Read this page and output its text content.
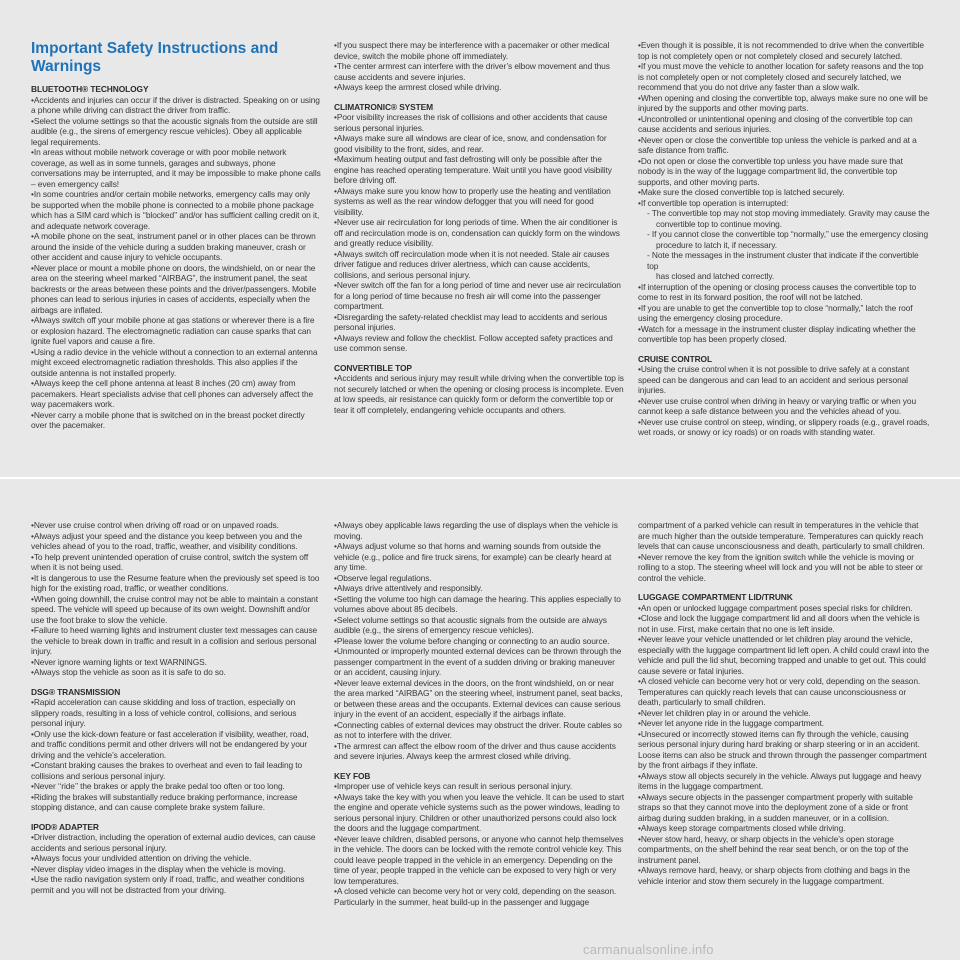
Important Safety Instructions and Warnings

BLUETOOTH® TECHNOLOGY

• Accidents and injuries can occur if the driver is distracted. Speaking on or using a phone while driving can distract the driver from traffic.

• Select the volume settings so that the acoustic signals from the outside are still audible (e.g., the sirens of emergency rescue vehicles). Obey all applicable legal requirements.

• In areas without mobile network coverage or with poor mobile network coverage, as well as in some tunnels, garages and subways, phone conversations may be interrupted, and it may be impossible to make phone calls – even emergency calls!

• In some countries and/or certain mobile networks, emergency calls may only be supported when the mobile phone is connected to a mobile phone package which has a SIM card which is ‘‘blocked’’ and/or has sufficient calling credit on it, and adequate network coverage.

• A mobile phone on the seat, instrument panel or in other places can be thrown around the inside of the vehicle during a sudden braking maneuver, crash or other accident and cause injury to vehicle occupants.

• Never place or mount a mobile phone on doors, the windshield, on or near the area on the steering wheel marked “AIRBAG”, the instrument panel, the seat backrests or the areas between these points and the driver/passengers. Mobile phones can lead to serious injuries in cases of accidents, especially when the airbags are inflated.

• Always switch off your mobile phone at gas stations or wherever there is a fire or explosion hazard. The electromagnetic radiation can cause sparks that can ignite fuel vapors and cause a fire.

• Using a radio device in the vehicle without a connection to an external antenna might exceed electromagnetic radiation thresholds. This also applies if the outside antenna is not installed properly.

• Always keep the cell phone antenna at least 8 inches (20 cm) away from pacemakers. Heart specialists advise that cell phones can adversely affect the way pacemakers work.

• Never carry a mobile phone that is switched on in the breast pocket directly over the pacemaker.

• If you suspect there may be interference with a pacemaker or other medical device, switch the mobile phone off immediately.

• The center armrest can interfere with the driver’s elbow movement and thus cause accidents and severe injuries.

• Always keep the armrest closed while driving.

CLIMATRONIC® SYSTEM

• Poor visibility increases the risk of collisions and other accidents that cause serious personal injuries.

• Always make sure all windows are clear of ice, snow, and condensation for good visibility to the front, sides, and rear.

• Maximum heating output and fast defrosting will only be possible after the engine has reached operating temperature. Wait until you have good visibility before driving off.

• Always make sure you know how to properly use the heating and ventilation systems as well as the rear window defogger that you will need for good visibility.

• Never use air recirculation for long periods of time. When the air conditioner is off and recirculation mode is on, condensation can quickly form on the windows and greatly reduce visibility.

• Always switch off recirculation mode when it is not needed. Stale air causes driver fatigue and reduces driver alertness, which can cause accidents, collisions, and serious personal injury.

• Never switch off the fan for a long period of time and never use air recirculation for a long period of time because no fresh air will come into the passenger compartment.

• Disregarding the safety-related checklist may lead to accidents and serious personal injuries.

• Always review and follow the checklist. Follow accepted safety practices and use common sense.

CONVERTIBLE TOP

• Accidents and serious injury may result while driving when the convertible top is not securely latched or when the opening or closing process is incomplete. Even at low speeds, air resistance can quickly form or deform the convertible top or tear it off completely, endangering vehicle occupants and others.

• Even though it is possible, it is not recommended to drive when the convertible top is not completely open or not completely closed and securely latched.

• If you must move the vehicle to another location for safety reasons and the top is not completely open or not completely closed and securely latched, we recommend that you do not drive any faster than a slow walk.

• When opening and closing the convertible top, always make sure no one will be injured by the supports and other moving parts.

• Uncontrolled or unintentional opening and closing of the convertible top can cause accidents and serious injuries.

• Never open or close the convertible top unless the vehicle is parked and at a safe distance from traffic.

• Do not open or close the convertible top unless you have made sure that nobody is in the way of the luggage compartment lid, the convertible top supports, and other moving parts.

• Make sure the closed convertible top is latched securely.

• If convertible top operation is interrupted:

- The convertible top may not stop moving immediately. Gravity may cause the

convertible top to continue moving.

- If you cannot close the convertible top “normally,” use the emergency closing

procedure to latch it, if necessary.

- Note the messages in the instrument cluster that indicate if the convertible top

has closed and latched correctly.

• If interruption of the opening or closing process causes the convertible top to come to rest in its forward position, the roof will not be latched.

• If you are unable to get the convertible top to close “normally,” latch the roof using the emergency closing procedure.

• Watch for a message in the instrument cluster display indicating whether the convertible top has been properly closed.

CRUISE CONTROL

• Using the cruise control when it is not possible to drive safely at a constant speed can be dangerous and can lead to an accident and serious personal injuries.

• Never use cruise control when driving in heavy or varying traffic or when you cannot keep a safe distance between you and the vehicles ahead of you.

• Never use cruise control on steep, winding, or slippery roads (e.g., gravel roads, wet roads, or snowy or icy roads) or on roads with standing water.

• Never use cruise control when driving off road or on unpaved roads.

• Always adjust your speed and the distance you keep between you and the vehicles ahead of you to the road, traffic, weather, and visibility conditions.

• To help prevent unintended operation of cruise control, switch the system off when it is not being used.

• It is dangerous to use the Resume feature when the previously set speed is too high for the existing road, traffic, or weather conditions.

• When going downhill, the cruise control may not be able to maintain a constant speed. The vehicle will speed up because of its own weight. Downshift and/or use the foot brake to slow the vehicle.

• Failure to heed warning lights and instrument cluster text messages can cause the vehicle to break down in traffic and result in a collision and serious personal injury.

• Never ignore warning lights or text WARNINGS.

• Always stop the vehicle as soon as it is safe to do so.

DSG® TRANSMISSION

• Rapid acceleration can cause skidding and loss of traction, especially on slippery roads, resulting in a loss of vehicle control, collisions, and serious personal injury.

• Only use the kick-down feature or fast acceleration if visibility, weather, road, and traffic conditions permit and other drivers will not be endangered by your driving and the vehicle’s acceleration.

• Constant braking causes the brakes to overheat and even to fail leading to collisions and serious personal injury.

• Never ‘‘ride’’ the brakes or apply the brake pedal too often or too long.

• Riding the brakes will substantially reduce braking performance, increase stopping distance, and can cause complete brake system failure.

IPOD® ADAPTER

• Driver distraction, including the operation of external audio devices, can cause accidents and serious personal injury.

• Always focus your undivided attention on driving the vehicle.

• Never display video images in the display when the vehicle is moving.

• Use the radio navigation system only if road, traffic, and weather conditions permit and you will not be distracted from your driving.

• Always obey applicable laws regarding the use of displays when the vehicle is moving.

• Always adjust volume so that horns and warning sounds from outside the vehicle (e.g., police and fire truck sirens, for example) can be clearly heard at any time.

• Observe legal regulations.

• Always drive attentively and responsibly.

• Setting the volume too high can damage the hearing. This applies especially to volumes above about 85 decibels.

• Select volume settings so that acoustic signals from the outside are always audible (e.g., the sirens of emergency rescue vehicles).

• Please lower the volume before changing or connecting to an audio source.

• Unmounted or improperly mounted external devices can be thrown through the passenger compartment in the event of a sudden driving or braking maneuver or an accident, causing injury.

• Never leave external devices in the doors, on the front windshield, on or near the area marked “AIRBAG” on the steering wheel, instrument panel, seat backs, or between these areas and the occupants. External devices can cause serious injury in the event of an accident, especially if the airbags inflate.

• Connecting cables of external devices may obstruct the driver. Route cables so as not to interfere with the driver.

• The armrest can affect the elbow room of the driver and thus cause accidents and severe injuries. Always keep the armrest closed while driving.

KEY FOB

• Improper use of vehicle keys can result in serious personal injury.

• Always take the key with you when you leave the vehicle. It can be used to start the engine and operate vehicle systems such as the power windows, leading to serious personal injury. Children or other unauthorized persons could also lock the doors and the luggage compartment.

• Never leave children, disabled persons, or anyone who cannot help themselves in the vehicle. The doors can be locked with the remote control vehicle key. This could leave people trapped in the vehicle in an emergency. Depending on the time of year, people trapped in the vehicle can be exposed to very high or very low temperatures.

• A closed vehicle can become very hot or very cold, depending on the season. Particularly in the summer, heat build-up in the passenger and luggage

compartment of a parked vehicle can result in temperatures in the vehicle that are much higher than the outside temperature. Temperatures can quickly reach levels that can cause unconsciousness and death, particularly to small children.

• Never remove the key from the ignition switch while the vehicle is moving or rolling to a stop. The steering wheel will lock and you will not be able to steer or control the vehicle.

LUGGAGE COMPARTMENT LID/TRUNK

• An open or unlocked luggage compartment poses special risks for children.

• Close and lock the luggage compartment lid and all doors when the vehicle is not in use. First, make certain that no one is left inside.

• Never leave your vehicle unattended or let children play around the vehicle, especially with the luggage compartment lid left open. A child could crawl into the vehicle and pull the lid shut, becoming trapped and unable to get out. This could cause severe or fatal injuries.

• A closed vehicle can become very hot or very cold, depending on the season. Temperatures can quickly reach levels that can cause unconsciousness or death, particularly to small children.

• Never let children play in or around the vehicle.

• Never let anyone ride in the luggage compartment.

• Unsecured or incorrectly stowed items can fly through the vehicle, causing serious personal injury during hard braking or sharp steering or in an accident. Loose items can also be struck and thrown through the passenger compartment by the front airbags if they inflate.

• Always stow all objects securely in the vehicle. Always put luggage and heavy items in the luggage compartment.

• Always secure objects in the passenger compartment properly with suitable straps so that they cannot move into the deployment zone of a side or front airbag during sudden braking, in a sudden maneuver, or in a collision.

• Always keep storage compartments closed while driving.

• Never stow hard, heavy, or sharp objects in the vehicle’s open storage compartments, on the shelf behind the rear seat bench, or on the top of the instrument panel.

• Always remove hard, heavy, or sharp objects from clothing and bags in the vehicle interior and stow them securely in the luggage compartment.

carmanualsonline.info
